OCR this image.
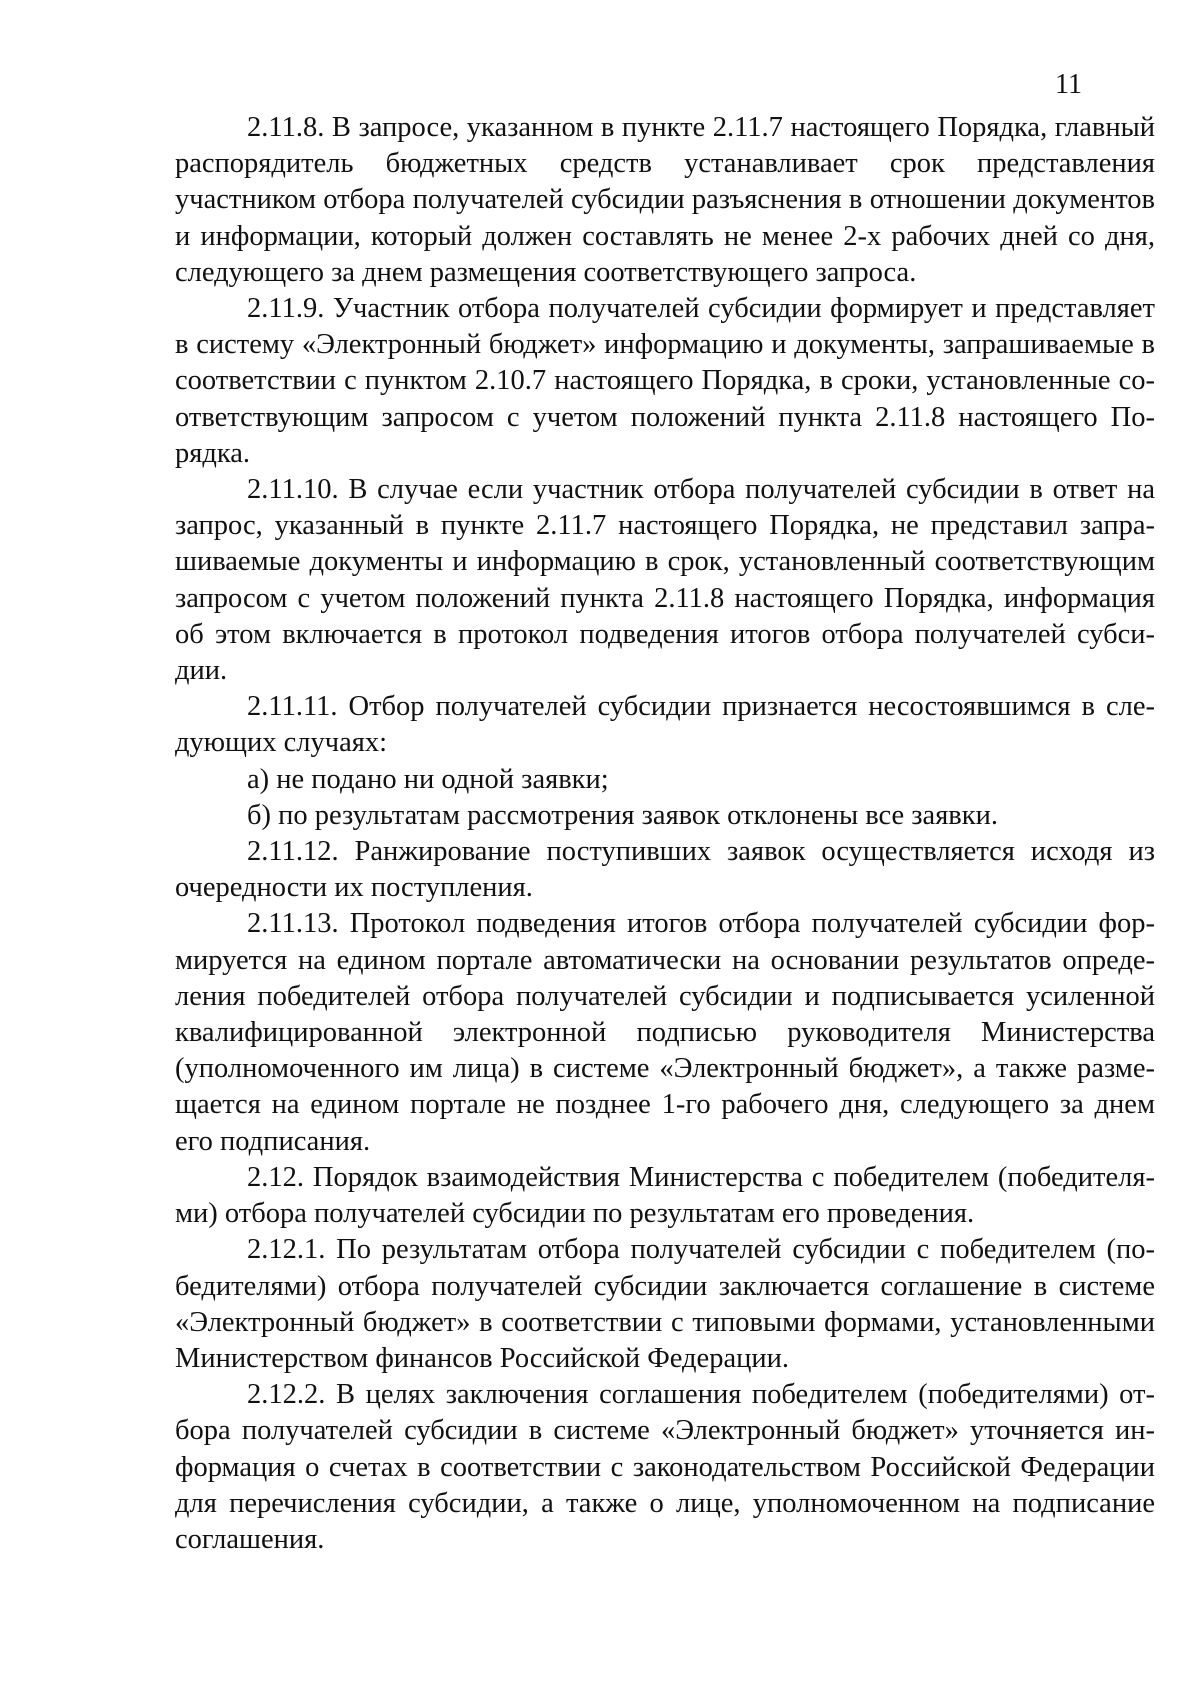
11

2.11.8. В запросе, указанном в пункте 2.11.7 настоящего Порядка, главный распорядитель бюджетных средств устанавливает срок представления участником отбора получателей субсидии разъяснения в отношении документов и информации, который должен составлять не менее 2-х рабочих дней со дня, следующего за днем размещения соответствующего запроса.

2.11.9. Участник отбора получателей субсидии формирует и представляет в систему «Электронный бюджет» информацию и документы, запрашиваемые в соответствии с пунктом 2.10.7 настоящего Порядка, в сроки, установленные соответствующим запросом с учетом положений пункта 2.11.8 настоящего Порядка.

2.11.10. В случае если участник отбора получателей субсидии в ответ на запрос, указанный в пункте 2.11.7 настоящего Порядка, не представил запрашиваемые документы и информацию в срок, установленный соответствующим запросом с учетом положений пункта 2.11.8 настоящего Порядка, информация об этом включается в протокол подведения итогов отбора получателей субсидии.

2.11.11. Отбор получателей субсидии признается несостоявшимся в следующих случаях:

а) не подано ни одной заявки;

б) по результатам рассмотрения заявок отклонены все заявки.

2.11.12. Ранжирование поступивших заявок осуществляется исходя из очередности их поступления.

2.11.13. Протокол подведения итогов отбора получателей субсидии формируется на едином портале автоматически на основании результатов определения победителей отбора получателей субсидии и подписывается усиленной квалифицированной электронной подписью руководителя Министерства (уполномоченного им лица) в системе «Электронный бюджет», а также размещается на едином портале не позднее 1-го рабочего дня, следующего за днем его подписания.

2.12. Порядок взаимодействия Министерства с победителем (победителями) отбора получателей субсидии по результатам его проведения.

2.12.1. По результатам отбора получателей субсидии с победителем (победителями) отбора получателей субсидии заключается соглашение в системе «Электронный бюджет» в соответствии с типовыми формами, установленными Министерством финансов Российской Федерации.

2.12.2. В целях заключения соглашения победителем (победителями) отбора получателей субсидии в системе «Электронный бюджет» уточняется информация о счетах в соответствии с законодательством Российской Федерации для перечисления субсидии, а также о лице, уполномоченном на подписание соглашения.
